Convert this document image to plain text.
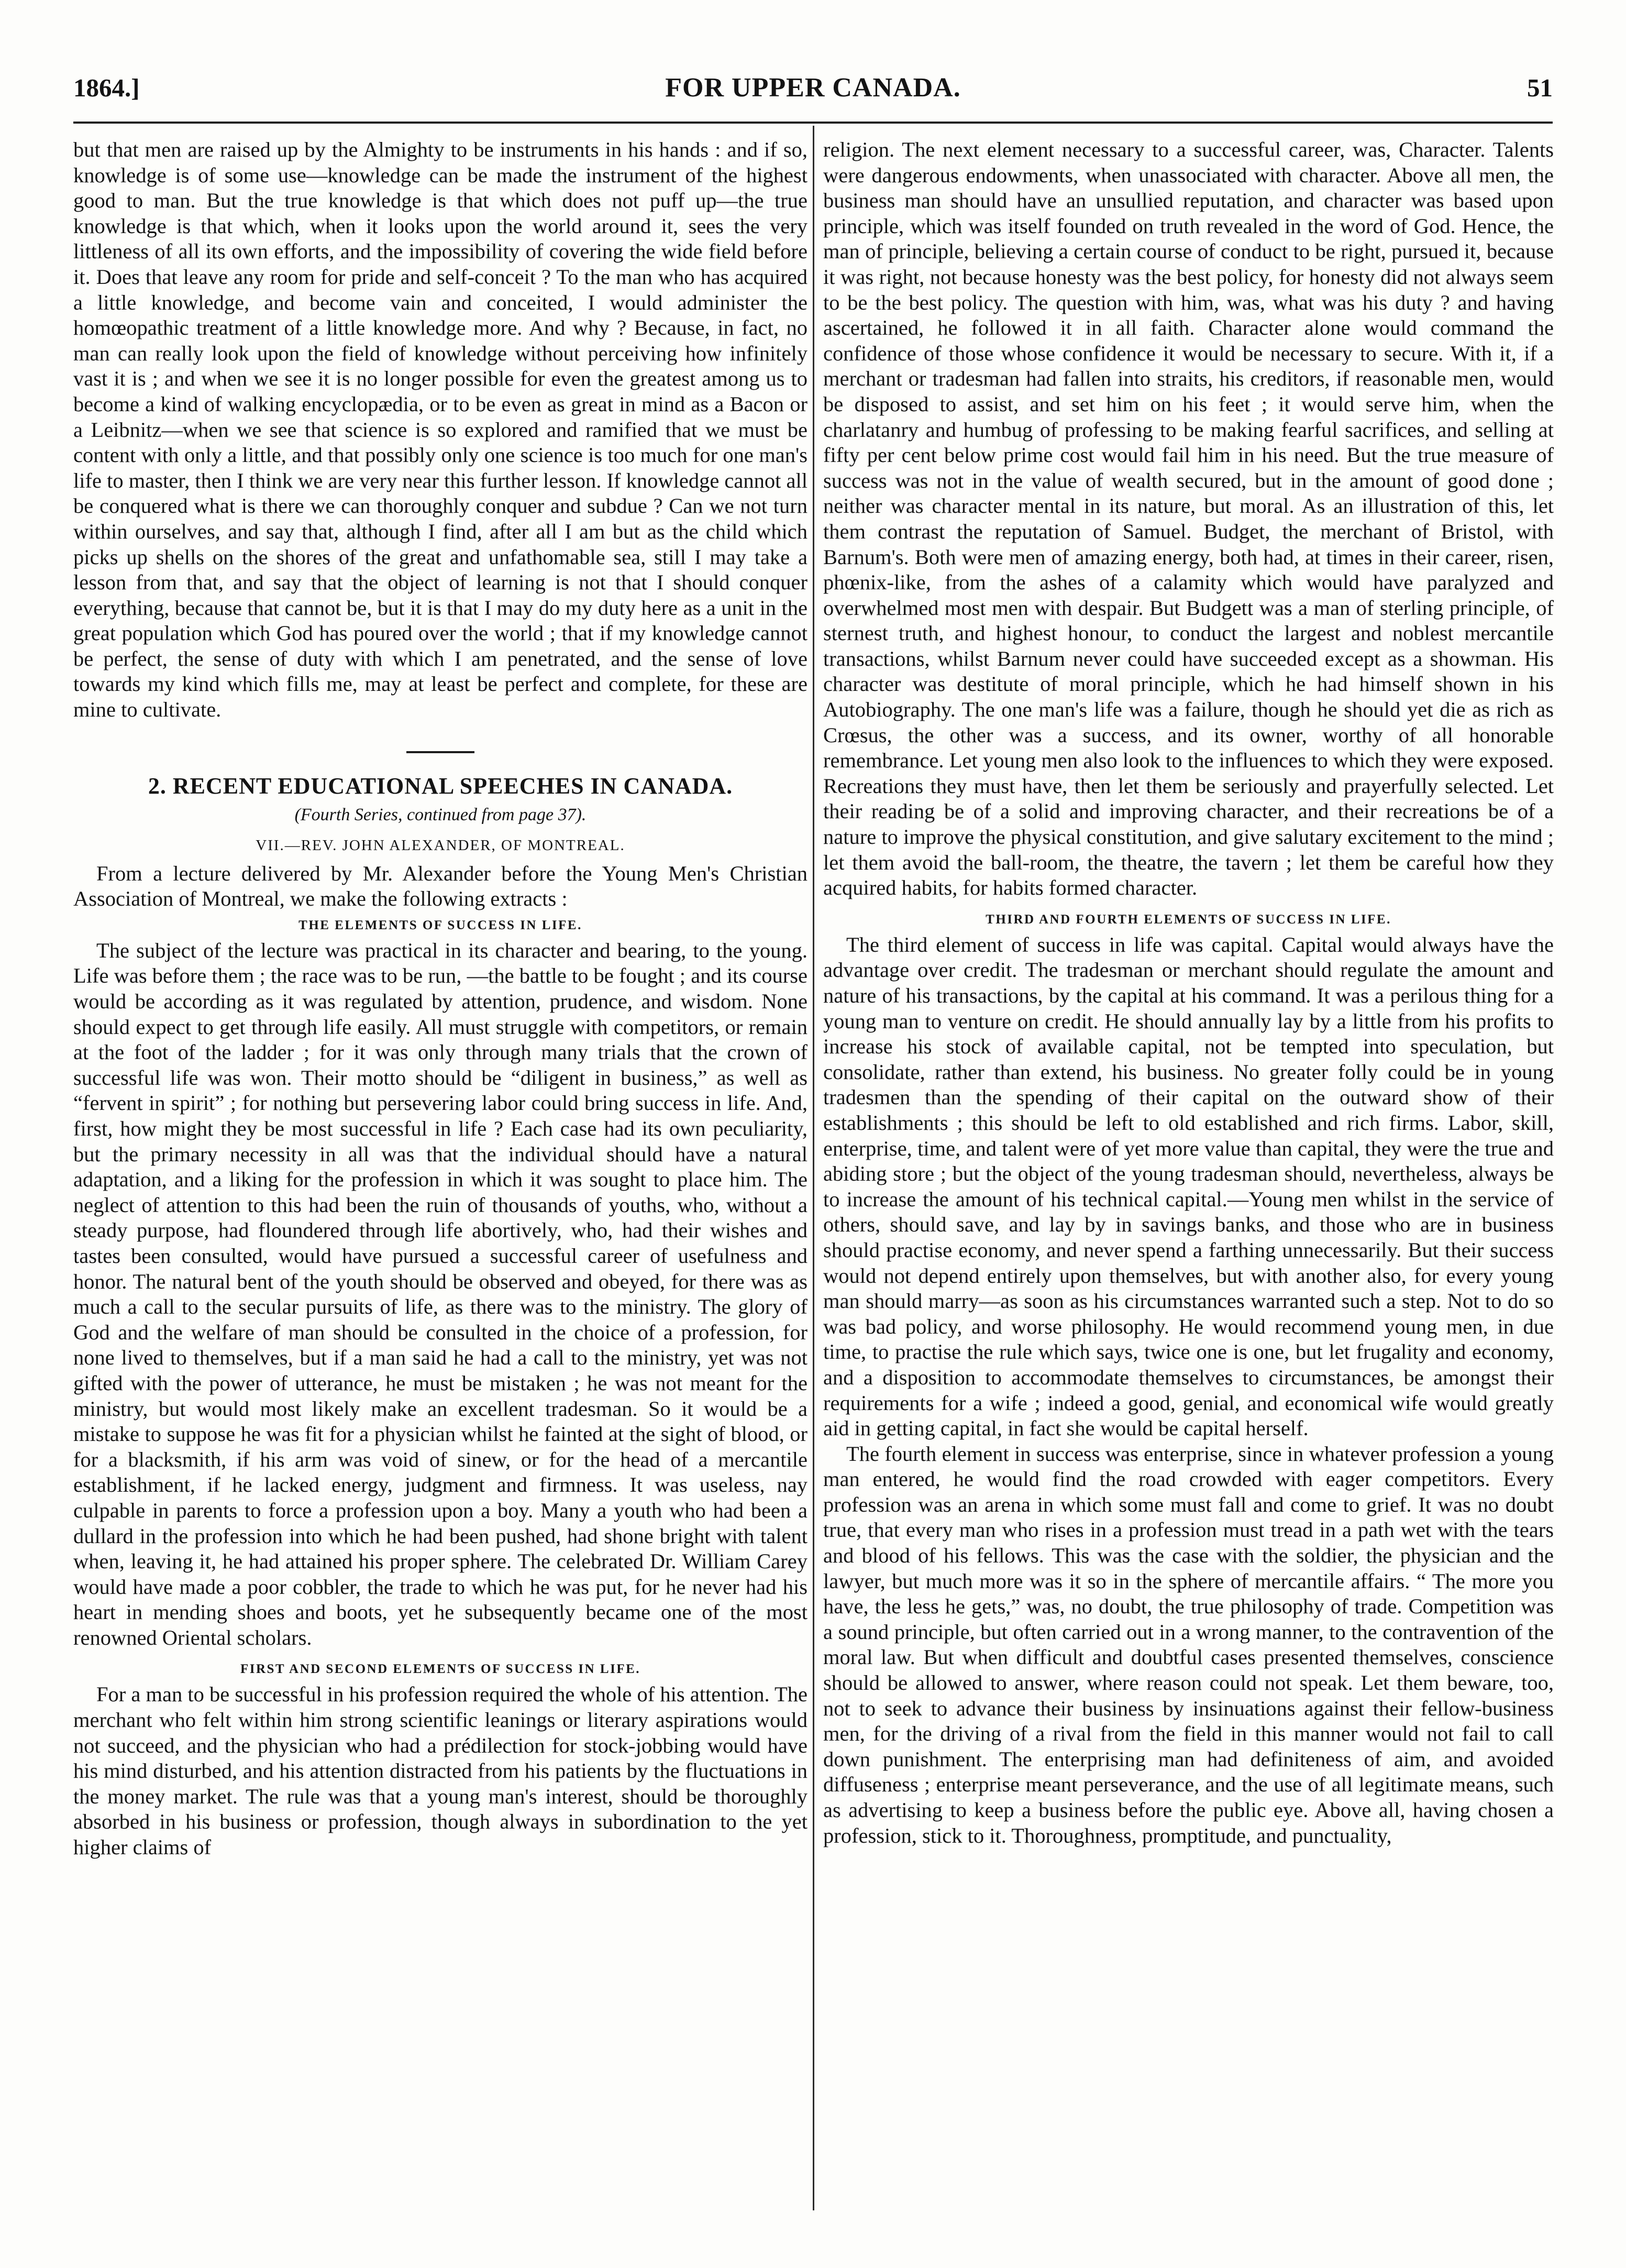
1864.]	FOR UPPER CANADA.	51

but that men are raised up by the Almighty to be instruments in his hands : and if so, knowledge is of some use—knowledge can be made the instrument of the highest good to man. But the true knowledge is that which does not puff up—the true knowledge is that which, when it looks upon the world around it, sees the very littleness of all its own efforts, and the impossibility of covering the wide field before it. Does that leave any room for pride and self-conceit ? To the man who has acquired a little knowledge, and become vain and conceited, I would administer the homœopathic treatment of a little knowledge more. And why ? Because, in fact, no man can really look upon the field of knowledge without perceiving how infinitely vast it is ; and when we see it is no longer possible for even the greatest among us to become a kind of walking encyclopædia, or to be even as great in mind as a Bacon or a Leibnitz—when we see that science is so explored and ramified that we must be content with only a little, and that possibly only one science is too much for one man's life to master, then I think we are very near this further lesson. If knowledge cannot all be conquered what is there we can thoroughly conquer and subdue ? Can we not turn within ourselves, and say that, although I find, after all I am but as the child which picks up shells on the shores of the great and unfathomable sea, still I may take a lesson from that, and say that the object of learning is not that I should conquer everything, because that cannot be, but it is that I may do my duty here as a unit in the great population which God has poured over the world ; that if my knowledge cannot be perfect, the sense of duty with which I am penetrated, and the sense of love towards my kind which fills me, may at least be perfect and complete, for these are mine to cultivate.

2. RECENT EDUCATIONAL SPEECHES IN CANADA.
(Fourth Series, continued from page 37).
VII.—REV. JOHN ALEXANDER, OF MONTREAL.

From a lecture delivered by Mr. Alexander before the Young Men's Christian Association of Montreal, we make the following extracts :

THE ELEMENTS OF SUCCESS IN LIFE.

The subject of the lecture was practical in its character and bearing, to the young. Life was before them ; the race was to be run, —the battle to be fought ; and its course would be according as it was regulated by attention, prudence, and wisdom. None should expect to get through life easily. All must struggle with competitors, or remain at the foot of the ladder ; for it was only through many trials that the crown of successful life was won. Their motto should be “diligent in business,” as well as “fervent in spirit” ; for nothing but persevering labor could bring success in life. And, first, how might they be most successful in life ? Each case had its own peculiarity, but the primary necessity in all was that the individual should have a natural adaptation, and a liking for the profession in which it was sought to place him. The neglect of attention to this had been the ruin of thousands of youths, who, without a steady purpose, had floundered through life abortively, who, had their wishes and tastes been consulted, would have pursued a successful career of usefulness and honor. The natural bent of the youth should be observed and obeyed, for there was as much a call to the secular pursuits of life, as there was to the ministry. The glory of God and the welfare of man should be consulted in the choice of a profession, for none lived to themselves, but if a man said he had a call to the ministry, yet was not gifted with the power of utterance, he must be mistaken ; he was not meant for the ministry, but would most likely make an excellent tradesman. So it would be a mistake to suppose he was fit for a physician whilst he fainted at the sight of blood, or for a blacksmith, if his arm was void of sinew, or for the head of a mercantile establishment, if he lacked energy, judgment and firmness. It was useless, nay culpable in parents to force a profession upon a boy. Many a youth who had been a dullard in the profession into which he had been pushed, had shone bright with talent when, leaving it, he had attained his proper sphere. The celebrated Dr. William Carey would have made a poor cobbler, the trade to which he was put, for he never had his heart in mending shoes and boots, yet he subsequently became one of the most renowned Oriental scholars.

FIRST AND SECOND ELEMENTS OF SUCCESS IN LIFE.

For a man to be successful in his profession required the whole of his attention. The merchant who felt within him strong scientific leanings or literary aspirations would not succeed, and the physician who had a prédilection for stock-jobbing would have his mind disturbed, and his attention distracted from his patients by the fluctuations in the money market. The rule was that a young man's interest, should be thoroughly absorbed in his business or profession, though always in subordination to the yet higher claims of

religion. The next element necessary to a successful career, was, Character. Talents were dangerous endowments, when unassociated with character. Above all men, the business man should have an unsullied reputation, and character was based upon principle, which was itself founded on truth revealed in the word of God. Hence, the man of principle, believing a certain course of conduct to be right, pursued it, because it was right, not because honesty was the best policy, for honesty did not always seem to be the best policy. The question with him, was, what was his duty ? and having ascertained, he followed it in all faith. Character alone would command the confidence of those whose confidence it would be necessary to secure. With it, if a merchant or tradesman had fallen into straits, his creditors, if reasonable men, would be disposed to assist, and set him on his feet ; it would serve him, when the charlatanry and humbug of professing to be making fearful sacrifices, and selling at fifty per cent below prime cost would fail him in his need. But the true measure of success was not in the value of wealth secured, but in the amount of good done ; neither was character mental in its nature, but moral. As an illustration of this, let them contrast the reputation of Samuel. Budget, the merchant of Bristol, with Barnum's. Both were men of amazing energy, both had, at times in their career, risen, phœnix-like, from the ashes of a calamity which would have paralyzed and overwhelmed most men with despair. But Budgett was a man of sterling principle, of sternest truth, and highest honour, to conduct the largest and noblest mercantile transactions, whilst Barnum never could have succeeded except as a showman. His character was destitute of moral principle, which he had himself shown in his Autobiography. The one man's life was a failure, though he should yet die as rich as Crœsus, the other was a success, and its owner, worthy of all honorable remembrance. Let young men also look to the influences to which they were exposed. Recreations they must have, then let them be seriously and prayerfully selected. Let their reading be of a solid and improving character, and their recreations be of a nature to improve the physical constitution, and give salutary excitement to the mind ; let them avoid the ball-room, the theatre, the tavern ; let them be careful how they acquired habits, for habits formed character.

THIRD AND FOURTH ELEMENTS OF SUCCESS IN LIFE.

The third element of success in life was capital. Capital would always have the advantage over credit. The tradesman or merchant should regulate the amount and nature of his transactions, by the capital at his command. It was a perilous thing for a young man to venture on credit. He should annually lay by a little from his profits to increase his stock of available capital, not be tempted into speculation, but consolidate, rather than extend, his business. No greater folly could be in young tradesmen than the spending of their capital on the outward show of their establishments ; this should be left to old established and rich firms. Labor, skill, enterprise, time, and talent were of yet more value than capital, they were the true and abiding store ; but the object of the young tradesman should, nevertheless, always be to increase the amount of his technical capital.—Young men whilst in the service of others, should save, and lay by in savings banks, and those who are in business should practise economy, and never spend a farthing unnecessarily. But their success would not depend entirely upon themselves, but with another also, for every young man should marry—as soon as his circumstances warranted such a step. Not to do so was bad policy, and worse philosophy. He would recommend young men, in due time, to practise the rule which says, twice one is one, but let frugality and economy, and a disposition to accommodate themselves to circumstances, be amongst their requirements for a wife ; indeed a good, genial, and economical wife would greatly aid in getting capital, in fact she would be capital herself.

The fourth element in success was enterprise, since in whatever profession a young man entered, he would find the road crowded with eager competitors. Every profession was an arena in which some must fall and come to grief. It was no doubt true, that every man who rises in a profession must tread in a path wet with the tears and blood of his fellows. This was the case with the soldier, the physician and the lawyer, but much more was it so in the sphere of mercantile affairs. “ The more you have, the less he gets,” was, no doubt, the true philosophy of trade. Competition was a sound principle, but often carried out in a wrong manner, to the contravention of the moral law. But when difficult and doubtful cases presented themselves, conscience should be allowed to answer, where reason could not speak. Let them beware, too, not to seek to advance their business by insinuations against their fellow-business men, for the driving of a rival from the field in this manner would not fail to call down punishment. The enterprising man had definiteness of aim, and avoided diffuseness ; enterprise meant perseverance, and the use of all legitimate means, such as advertising to keep a business before the public eye. Above all, having chosen a profession, stick to it. Thoroughness, promptitude, and punctuality,
